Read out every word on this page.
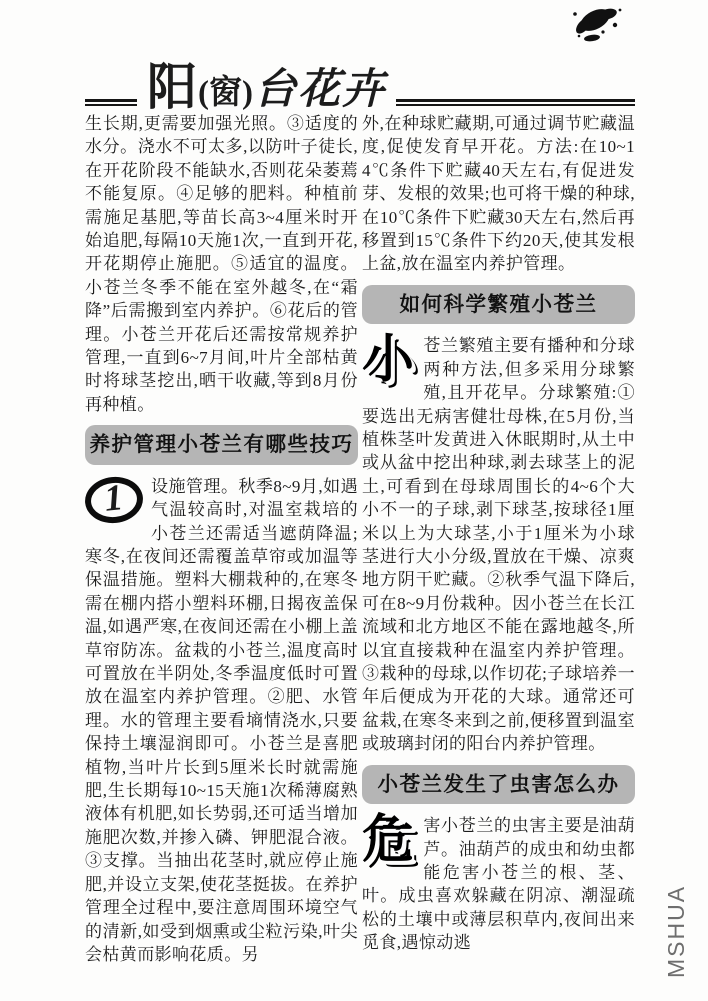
阳 (窗) 台花卉

生长期,更需要加强光照。③适度的水分。浇水不可太多,以防叶子徒长,在开花阶段不能缺水,否则花朵萎蔫不能复原。④足够的肥料。种植前需施足基肥,等苗长高3~4厘米时开始追肥,每隔10天施1次,一直到开花,开花期停止施肥。⑤适宜的温度。小苍兰冬季不能在室外越冬,在“霜降”后需搬到室内养护。⑥花后的管理。小苍兰开花后还需按常规养护管理,一直到6~7月间,叶片全部枯黄时将球茎挖出,晒干收藏,等到8月份再种植。

养护管理小苍兰有哪些技巧

1 设施管理。秋季8~9月,如遇气温较高时,对温室栽培的小苍兰还需适当遮荫降温;寒冬,在夜间还需覆盖草帘或加温等保温措施。塑料大棚栽种的,在寒冬需在棚内搭小塑料环棚,日揭夜盖保温,如遇严寒,在夜间还需在小棚上盖草帘防冻。盆栽的小苍兰,温度高时可置放在半阴处,冬季温度低时可置放在温室内养护管理。②肥、水管理。水的管理主要看墒情浇水,只要保持土壤湿润即可。小苍兰是喜肥植物,当叶片长到5厘米长时就需施肥,生长期每10~15天施1次稀薄腐熟液体有机肥,如长势弱,还可适当增加施肥次数,并掺入磷、钾肥混合液。③支撑。当抽出花茎时,就应停止施肥,并设立支架,使花茎挺拔。在养护管理全过程中,要注意周围环境空气的清新,如受到烟熏或尘粒污染,叶尖会枯黄而影响花质。另

外,在种球贮藏期,可通过调节贮藏温度,促使发育早开花。方法:在10~14℃条件下贮藏40天左右,有促进发芽、发根的效果;也可将干燥的种球,在10℃条件下贮藏30天左右,然后再移置到15℃条件下约20天,使其发根上盆,放在温室内养护管理。

如何科学繁殖小苍兰

小苍兰繁殖主要有播种和分球两种方法,但多采用分球繁殖,且开花早。分球繁殖:①要选出无病害健壮母株,在5月份,当植株茎叶发黄进入休眠期时,从土中或从盆中挖出种球,剥去球茎上的泥土,可看到在母球周围长的4~6个大小不一的子球,剥下球茎,按球径1厘米以上为大球茎,小于1厘米为小球茎进行大小分级,置放在干燥、凉爽地方阴干贮藏。②秋季气温下降后,可在8~9月份栽种。因小苍兰在长江流域和北方地区不能在露地越冬,所以宜直接栽种在温室内养护管理。③栽种的母球,以作切花;子球培养一年后便成为开花的大球。通常还可盆栽,在寒冬来到之前,便移置到温室或玻璃封闭的阳台内养护管理。

小苍兰发生了虫害怎么办

危害小苍兰的虫害主要是油葫芦。油葫芦的成虫和幼虫都能危害小苍兰的根、茎、叶。成虫喜欢躲藏在阴凉、潮湿疏松的土壤中或薄层积草内,夜间出来觅食,遇惊动逃	MSHUA
